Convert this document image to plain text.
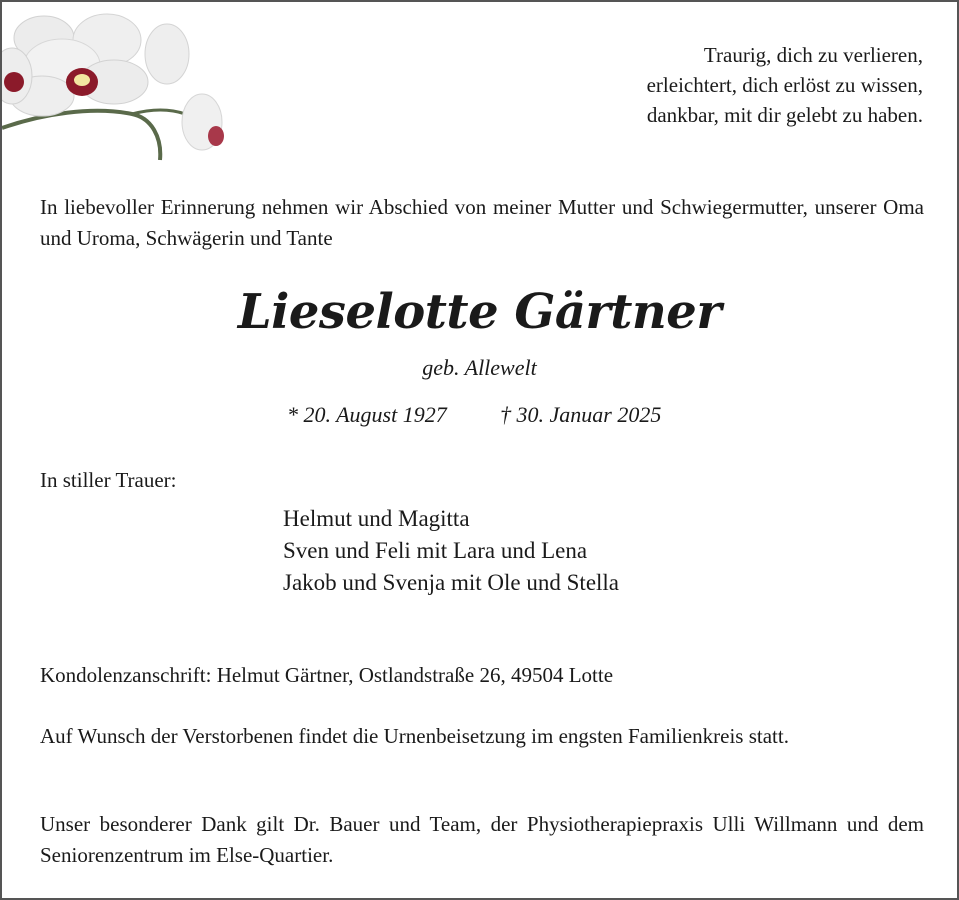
Traurig, dich zu verlieren,
erleichtert, dich erlöst zu wissen,
dankbar, mit dir gelebt zu haben.

In liebevoller Erinnerung nehmen wir Abschied von meiner Mutter und Schwiegermutter, unserer Oma und Uroma, Schwägerin und Tante

Lieselotte Gärtner

geb. Allewelt

* 20. August 1927 † 30. Januar 2025

In stiller Trauer:

Helmut und Magitta
Sven und Feli mit Lara und Lena
Jakob und Svenja mit Ole und Stella

Kondolenzanschrift: Helmut Gärtner, Ostlandstraße 26, 49504 Lotte

Auf Wunsch der Verstorbenen findet die Urnenbeisetzung im engsten Familienkreis statt.

Unser besonderer Dank gilt Dr. Bauer und Team, der Physiotherapiepraxis Ulli Willmann und dem Seniorenzentrum im Else-Quartier.
